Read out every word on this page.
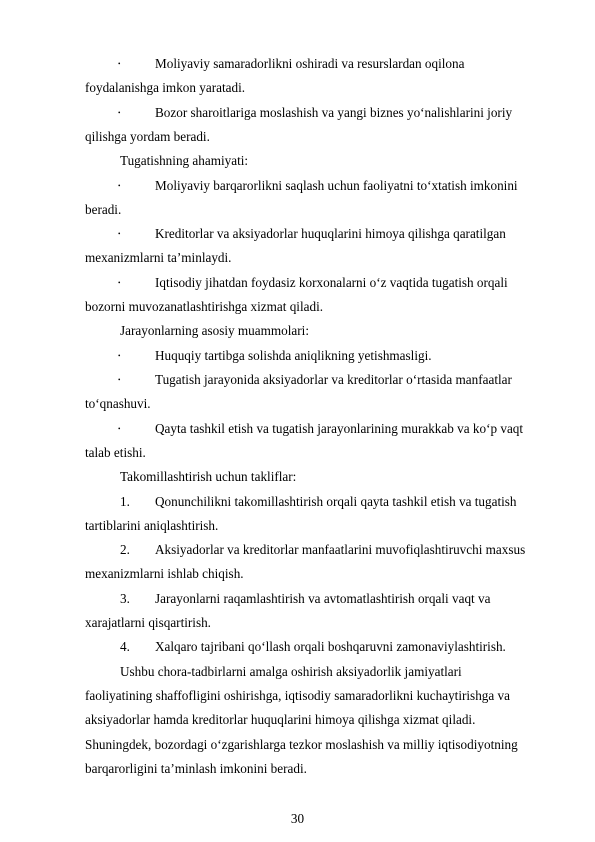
•	Moliyaviy samaradorlikni oshiradi va resurslardan oqilona
foydalanishga imkon yaratadi.
•	Bozor sharoitlariga moslashish va yangi biznes yo‘nalishlarini joriy
qilishga yordam beradi.
Tugatishning ahamiyati:
•	Moliyaviy barqarorlikni saqlash uchun faoliyatni to‘xtatish imkonini
beradi.
•	Kreditorlar va aksiyadorlar huquqlarini himoya qilishga qaratilgan
mexanizmlarni ta’minlaydi.
•	Iqtisodiy jihatdan foydasiz korxonalarni o‘z vaqtida tugatish orqali
bozorni muvozanatlashtirishga xizmat qiladi.
Jarayonlarning asosiy muammolari:
•	Huquqiy tartibga solishda aniqlikning yetishmasligi.
•	Tugatish jarayonida aksiyadorlar va kreditorlar o‘rtasida manfaatlar
to‘qnashuvi.
•	Qayta tashkil etish va tugatish jarayonlarining murakkab va ko‘p vaqt
talab etishi.
Takomillashtirish uchun takliflar:
1. Qonunchilikni takomillashtirish orqali qayta tashkil etish va tugatish
tartiblarini aniqlashtirish.
2. Aksiyadorlar va kreditorlar manfaatlarini muvofiqlashtiruvchi maxsus
mexanizmlarni ishlab chiqish.
3. Jarayonlarni raqamlashtirish va avtomatlashtirish orqali vaqt va
xarajatlarni qisqartirish.
4. Xalqaro tajribani qo‘llash orqali boshqaruvni zamonaviylashtirish.
Ushbu chora-tadbirlarni amalga oshirish aksiyadorlik jamiyatlari
faoliyatining shaffofligini oshirishga, iqtisodiy samaradorlikni kuchaytirishga va
aksiyadorlar hamda kreditorlar huquqlarini himoya qilishga xizmat qiladi.
Shuningdek, bozordagi o‘zgarishlarga tezkor moslashish va milliy iqtisodiyotning
barqarorligini ta’minlash imkonini beradi.
30
